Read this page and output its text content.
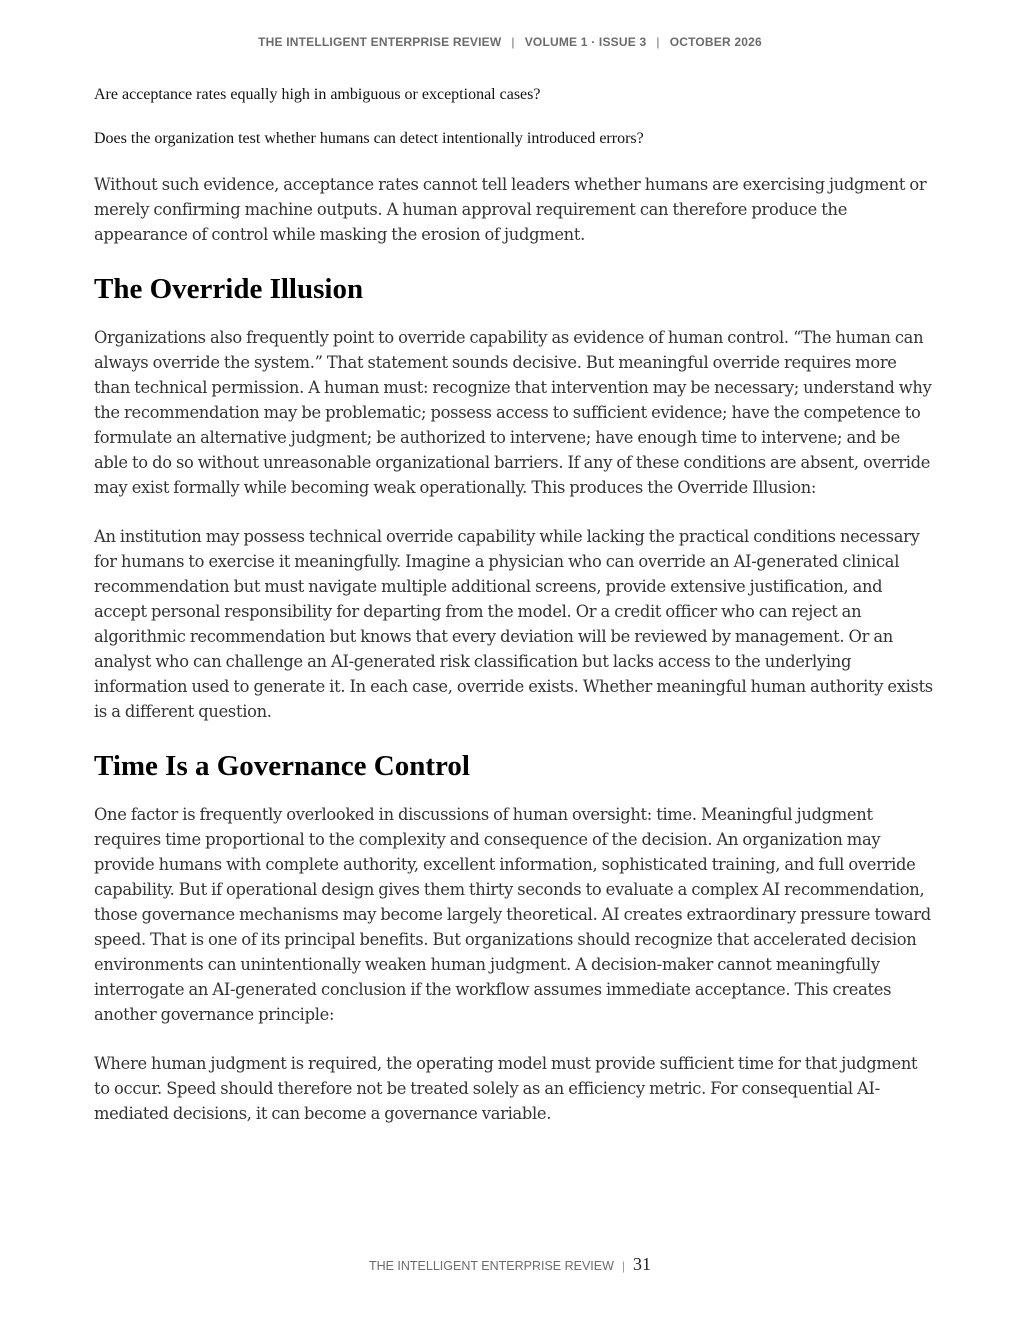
THE INTELLIGENT ENTERPRISE REVIEW | VOLUME 1 · ISSUE 3 | OCTOBER 2026
Are acceptance rates equally high in ambiguous or exceptional cases?
Does the organization test whether humans can detect intentionally introduced errors?

Without such evidence, acceptance rates cannot tell leaders whether humans are exercising judgment or merely confirming machine outputs. A human approval requirement can therefore produce the appearance of control while masking the erosion of judgment.

The Override Illusion

Organizations also frequently point to override capability as evidence of human control. “The human can always override the system.” That statement sounds decisive. But meaningful override requires more than technical permission. A human must: recognize that intervention may be necessary; understand why the recommendation may be problematic; possess access to sufficient evidence; have the competence to formulate an alternative judgment; be authorized to intervene; have enough time to intervene; and be able to do so without unreasonable organizational barriers. If any of these conditions are absent, override may exist formally while becoming weak operationally. This produces the Override Illusion:

An institution may possess technical override capability while lacking the practical conditions necessary for humans to exercise it meaningfully. Imagine a physician who can override an AI-generated clinical recommendation but must navigate multiple additional screens, provide extensive justification, and accept personal responsibility for departing from the model. Or a credit officer who can reject an algorithmic recommendation but knows that every deviation will be reviewed by management. Or an analyst who can challenge an AI-generated risk classification but lacks access to the underlying information used to generate it. In each case, override exists. Whether meaningful human authority exists is a different question.

Time Is a Governance Control

One factor is frequently overlooked in discussions of human oversight: time. Meaningful judgment requires time proportional to the complexity and consequence of the decision. An organization may provide humans with complete authority, excellent information, sophisticated training, and full override capability. But if operational design gives them thirty seconds to evaluate a complex AI recommendation, those governance mechanisms may become largely theoretical. AI creates extraordinary pressure toward speed. That is one of its principal benefits. But organizations should recognize that accelerated decision environments can unintentionally weaken human judgment. A decision-maker cannot meaningfully interrogate an AI-generated conclusion if the workflow assumes immediate acceptance. This creates another governance principle:

Where human judgment is required, the operating model must provide sufficient time for that judgment to occur. Speed should therefore not be treated solely as an efficiency metric. For consequential AI-mediated decisions, it can become a governance variable.

THE INTELLIGENT ENTERPRISE REVIEW | 31
